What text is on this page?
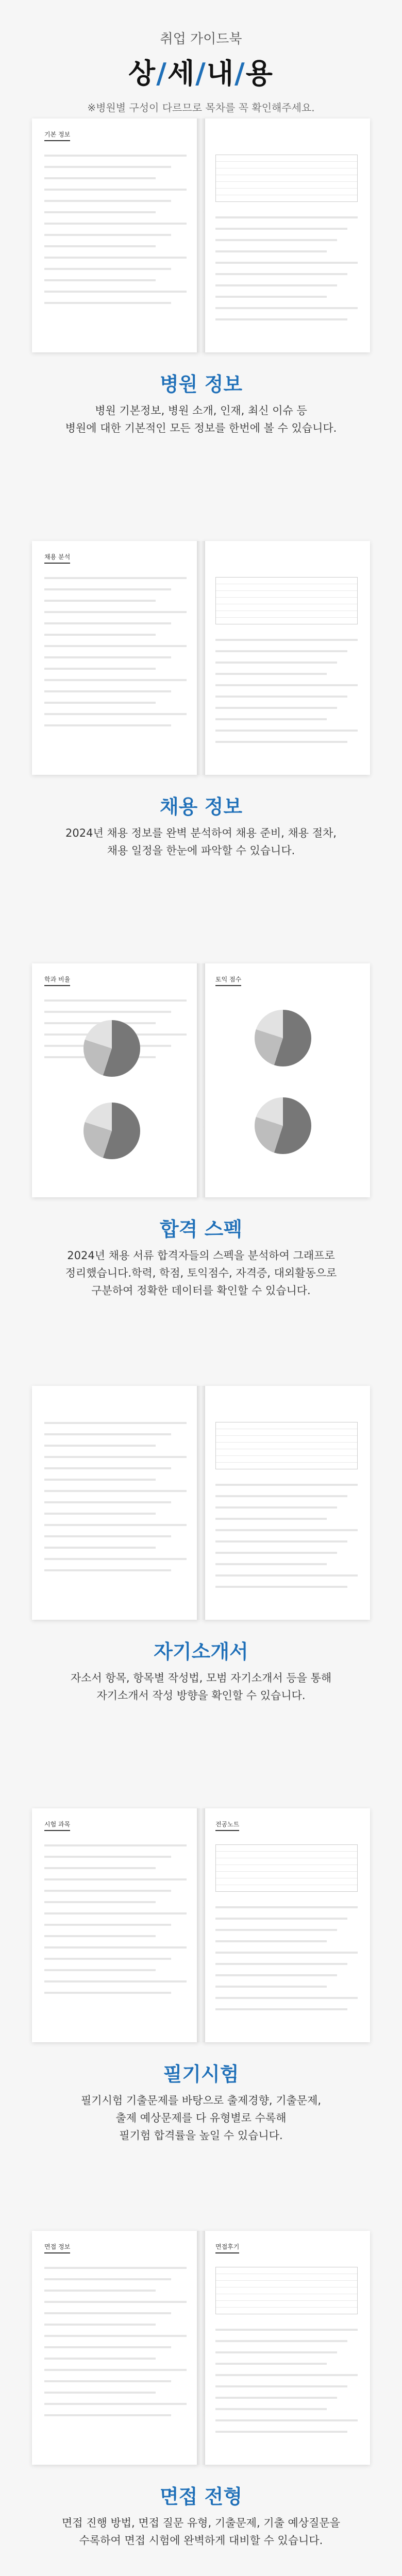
취업 가이드북
상/세/내/용
※병원별 구성이 다르므로 목차를 꼭 확인해주세요.
기본 정보
병원 정보
병원 기본정보, 병원 소개, 인재, 최신 이슈 등
병원에 대한 기본적인 모든 정보를 한번에 볼 수 있습니다.
채용 분석
채용 정보
2024년 채용 정보를 완벽 분석하여 채용 준비, 채용 절차,
채용 일정을 한눈에 파악할 수 있습니다.
학과 비율	토익 점수
합격 스펙
2024년 채용 서류 합격자들의 스펙을 분석하여 그래프로
정리했습니다.학력, 학점, 토익점수, 자격증, 대외활동으로
구분하여 정확한 데이터를 확인할 수 있습니다.
자기소개서
자소서 항목, 항목별 작성법, 모범 자기소개서 등을 통해
자기소개서 작성 방향을 확인할 수 있습니다.
시험 과목	전공노트
필기시험
필기시험 기출문제를 바탕으로 출제경향, 기출문제,
출제 예상문제를 다 유형별로 수록해
필기험 합격률을 높일 수 있습니다.
면접 정보	면접후기
면접 전형
면접 진행 방법, 면접 질문 유형, 기출문제, 기출 예상질문을
수록하여 면접 시험에 완벽하게 대비할 수 있습니다.
